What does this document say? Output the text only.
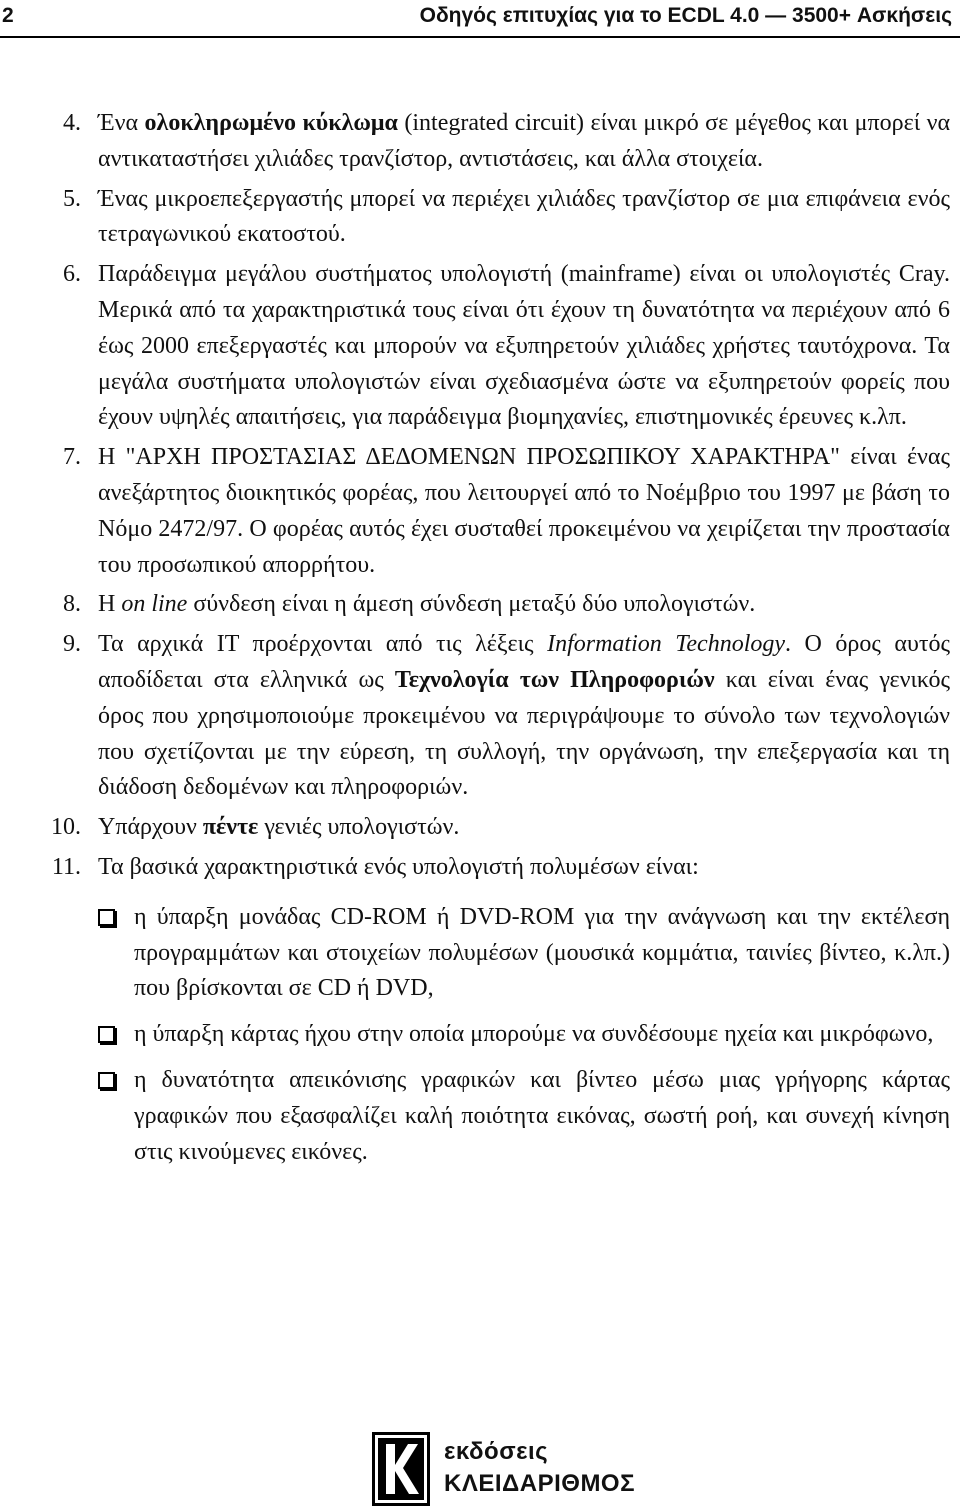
2	Οδηγός επιτυχίας για το ECDL 4.0 — 3500+ Ασκήσεις
4. Ένα ολοκληρωμένο κύκλωμα (integrated circuit) είναι μικρό σε μέγεθος και μπορεί να αντικαταστήσει χιλιάδες τρανζίστορ, αντιστάσεις, και άλλα στοιχεία.
5. Ένας μικροεπεξεργαστής μπορεί να περιέχει χιλιάδες τρανζίστορ σε μια επιφάνεια ενός τετραγωνικού εκατοστού.
6. Παράδειγμα μεγάλου συστήματος υπολογιστή (mainframe) είναι οι υπολογιστές Cray. Μερικά από τα χαρακτηριστικά τους είναι ότι έχουν τη δυνατότητα να περιέχουν από 6 έως 2000 επεξεργαστές και μπορούν να εξυπηρετούν χιλιάδες χρήστες ταυτόχρονα. Τα μεγάλα συστήματα υπολογιστών είναι σχεδιασμένα ώστε να εξυπηρετούν φορείς που έχουν υψηλές απαιτήσεις, για παράδειγμα βιομηχανίες, επιστημονικές έρευνες κ.λπ.
7. Η "ΑΡΧΗ ΠΡΟΣΤΑΣΙΑΣ ΔΕΔΟΜΕΝΩΝ ΠΡΟΣΩΠΙΚΟΥ ΧΑΡΑΚΤΗΡΑ" είναι ένας ανεξάρτητος διοικητικός φορέας, που λειτουργεί από το Νοέμβριο του 1997 με βάση το Νόμο 2472/97. Ο φορέας αυτός έχει συσταθεί προκειμένου να χειρίζεται την προστασία του προσωπικού απορρήτου.
8. Η on line σύνδεση είναι η άμεση σύνδεση μεταξύ δύο υπολογιστών.
9. Τα αρχικά IT προέρχονται από τις λέξεις Information Technology. Ο όρος αυτός αποδίδεται στα ελληνικά ως Τεχνολογία των Πληροφοριών και είναι ένας γενικός όρος που χρησιμοποιούμε προκειμένου να περιγράψουμε το σύνολο των τεχνολογιών που σχετίζονται με την εύρεση, τη συλλογή, την οργάνωση, την επεξεργασία και τη διάδοση δεδομένων και πληροφοριών.
10. Υπάρχουν πέντε γενιές υπολογιστών.
11. Τα βασικά χαρακτηριστικά ενός υπολογιστή πολυμέσων είναι:
η ύπαρξη μονάδας CD-ROM ή DVD-ROM για την ανάγνωση και την εκτέλεση προγραμμάτων και στοιχείων πολυμέσων (μουσικά κομμάτια, ταινίες βίντεο, κ.λπ.) που βρίσκονται σε CD ή DVD,
η ύπαρξη κάρτας ήχου στην οποία μπορούμε να συνδέσουμε ηχεία και μικρόφωνο,
η δυνατότητα απεικόνισης γραφικών και βίντεο μέσω μιας γρήγορης κάρτας γραφικών που εξασφαλίζει καλή ποιότητα εικόνας, σωστή ροή, και συνεχή κίνηση στις κινούμενες εικόνες.
εκδόσεις
ΚΛΕΙΔΑΡΙΘΜΟΣ
